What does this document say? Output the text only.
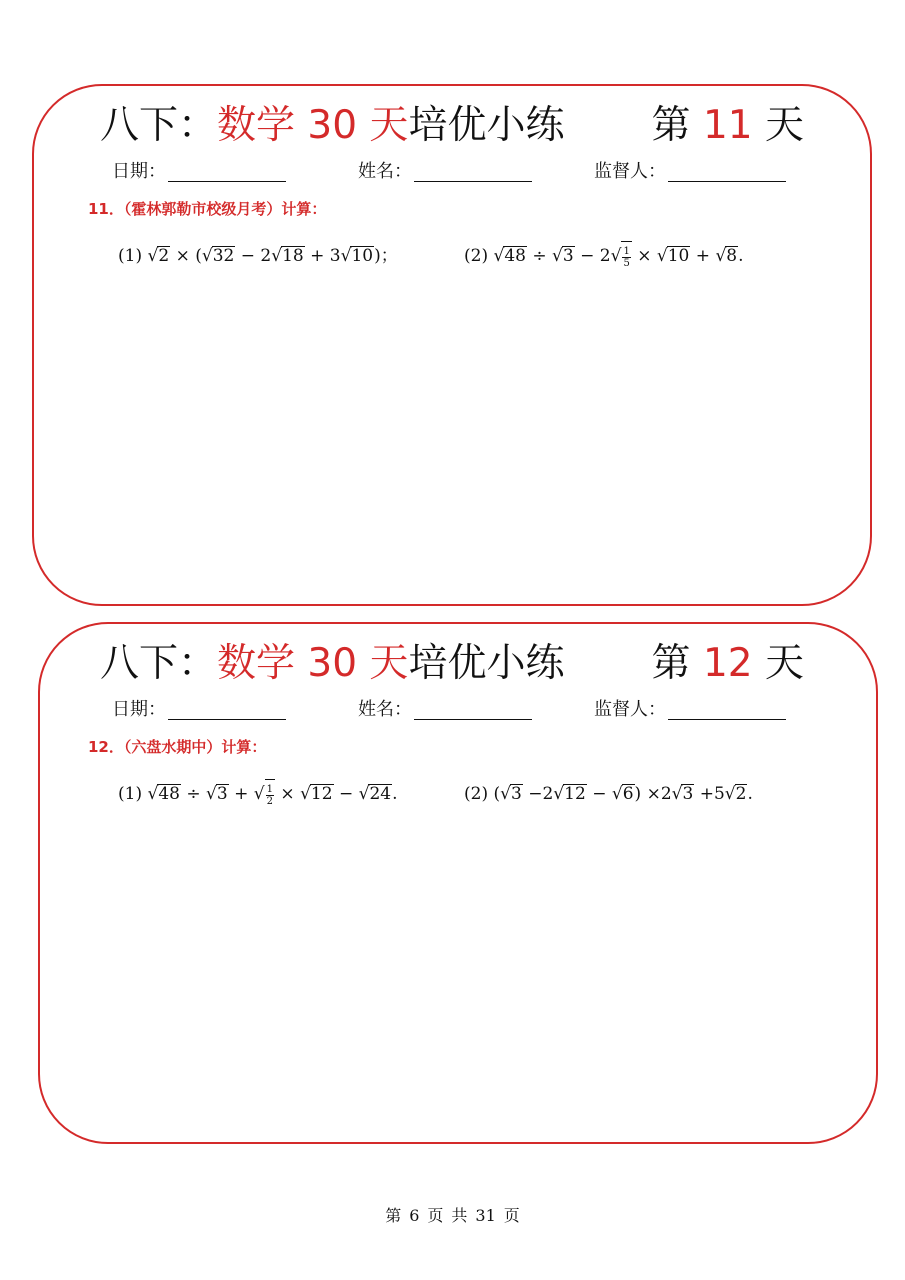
八下：数学 30 天培优小练 第 11 天
日期：	姓名：	监督人：
11．（霍林郭勒市校级月考）计算：
(1) √2 × (√32 − 2√18 + 3√10)；	(2) $√48 \div √3 - 2√ \frac{1}{5} \times √10 + √8$.
八下：数学 30 天培优小练 第 12 天
日期：	姓名：	监督人：
12．（六盘水期中）计算：
(1) √48 ÷ √3 + √ $\frac{1}{2} \times √12 - √24$.	(2) (√3 −2√12 − √6) ×2√3 +5√2.
第 6 页 共 31 页
